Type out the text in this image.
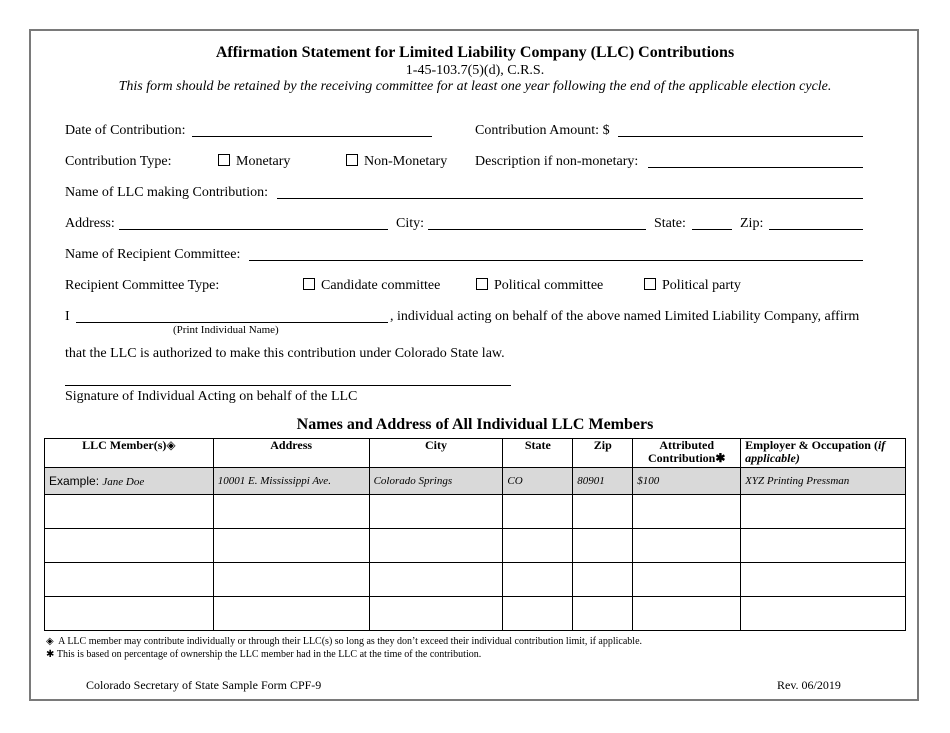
Affirmation Statement for Limited Liability Company (LLC) Contributions
1-45-103.7(5)(d), C.R.S.
This form should be retained by the receiving committee for at least one year following the end of the applicable election cycle.
Date of Contribution:	Contribution Amount: $
Contribution Type:	Monetary	Non-Monetary Description if non-monetary:
Name of LLC making Contribution:
Address:	City:	State:	Zip:
Name of Recipient Committee:
Recipient Committee Type:	Candidate committee	Political committee	Political party
I
(Print Individual Name)
, individual acting on behalf of the above named Limited Liability Company, affirm
that the LLC is authorized to make this contribution under Colorado State law.
Signature of Individual Acting on behalf of the LLC
Names and Address of All Individual LLC Members
LLC Member(s)◈	Address	City	State	Zip	Attributed Contribution✱	Employer & Occupation (if applicable)
Example: Jane Doe	10001 E. Mississippi Ave.	Colorado Springs	CO	80901	$100	XYZ Printing Pressman

◈ A LLC member may contribute individually or through their LLC(s) so long as they don’t exceed their individual contribution limit, if applicable.
✱ This is based on percentage of ownership the LLC member had in the LLC at the time of the contribution.
Colorado Secretary of State Sample Form CPF-9	Rev. 06/2019
